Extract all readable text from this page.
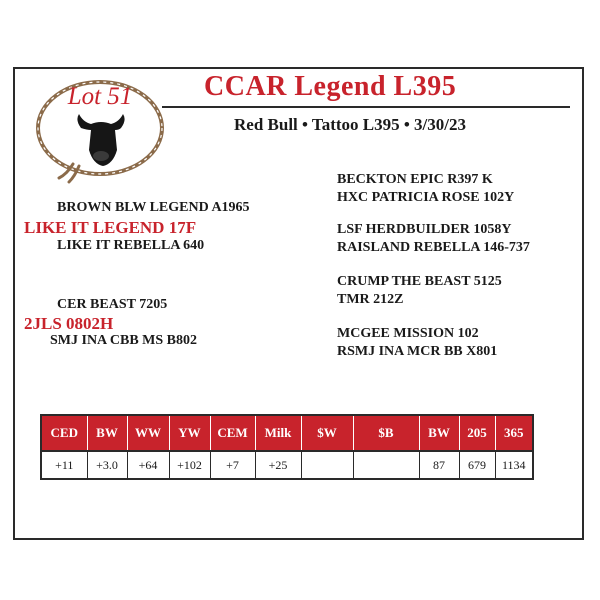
Lot 51	CCAR Legend L395
Red Bull • Tattoo L395 • 3/30/23
BROWN BLW LEGEND A1965
LIKE IT LEGEND 17F
LIKE IT REBELLA 640
CER BEAST 7205
2JLS 0802H
SMJ INA CBB MS B802
BECKTON EPIC R397 K
HXC PATRICIA ROSE 102Y
LSF HERDBUILDER 1058Y
RAISLAND REBELLA 146-737
CRUMP THE BEAST 5125
TMR 212Z
MCGEE MISSION 102
RSMJ INA MCR BB X801
CED	BW	WW	YW	CEM	Milk	$W	$B	BW	205	365
+11	+3.0	+64	+102	+7	+25			87	679	1134
